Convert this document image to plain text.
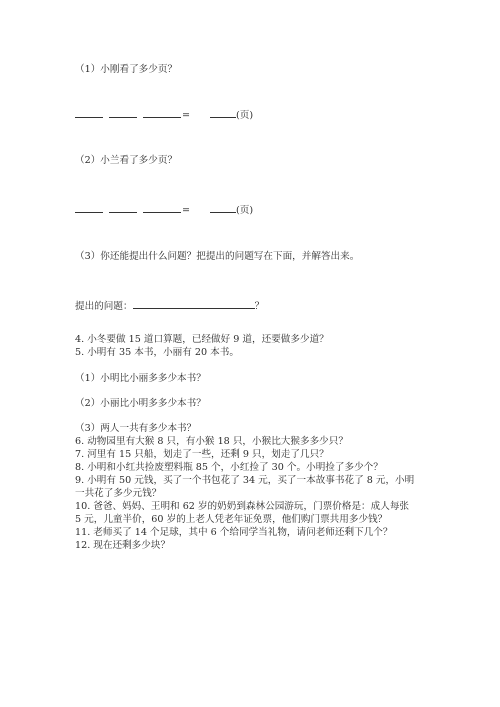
（1）小刚看了多少页？
=	(页)
（2）小兰看了多少页？
=	(页)
（3）你还能提出什么问题？把提出的问题写在下面，并解答出来。
提出的问题：	？
4. 小冬要做 15 道口算题，已经做好 9 道，还要做多少道？
5. 小明有 35 本书，小丽有 20 本书。
（1）小明比小丽多多少本书？
（2）小丽比小明多多少本书？
（3）两人一共有多少本书？
6. 动物园里有大猴 8 只，有小猴 18 只，小猴比大猴多多少只？
7. 河里有 15 只船，划走了一些，还剩 9 只，划走了几只？
8. 小明和小红共捡废塑料瓶 85 个，小红捡了 30 个。小明捡了多少个？
9. 小明有 50 元钱，买了一个书包花了 34 元，买了一本故事书花了 8 元，小明
一共花了多少元钱？
10. 爸爸、妈妈、王明和 62 岁的奶奶到森林公园游玩，门票价格是：成人每张
5 元，儿童半价，60 岁的上老人凭老年证免票，他们购门票共用多少钱？
11. 老师买了 14 个足球，其中 6 个给同学当礼物，请问老师还剩下几个？
12. 现在还剩多少块？
